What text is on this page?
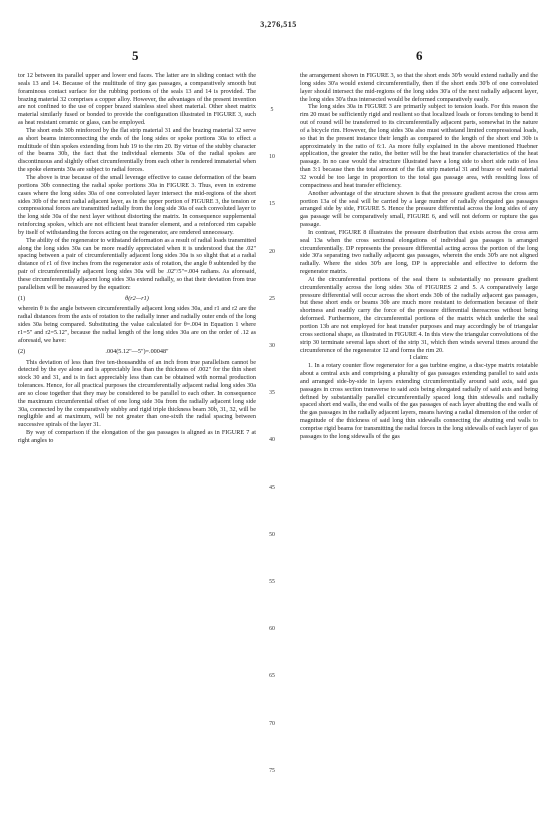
3,276,515
5	6

tor 12 between its parallel upper and lower end faces. The latter are in sliding contact with the seals 13 and 14. Because of the multitude of tiny gas passages, a comparatively smooth but foraminous contact surface for the rubbing portions of the seals 13 and 14 is provided. The brazing material 32 comprises a copper alloy. However, the advantages of the present invention are not confined to the use of copper brazed stainless steel sheet material. Other sheet matrix material similarly fused or bonded to provide the configuration illustrated in FIGURE 3, such as heat resistant ceramic or glass, can be employed.

The short ends 30b reinforced by the flat strip material 31 and the brazing material 32 serve as short beams interconnecting the ends of the long sides or spoke portions 30a to effect a multitude of thin spokes extending from hub 19 to the rim 20. By virtue of the stubby character of the beams 30b, the fact that the individual elements 30a of the radial spokes are discontinuous and slightly offset circumferentially from each other is rendered immaterial when the spoke elements 30a are subject to radial forces.

The above is true because of the small leverage effective to cause deformation of the beam portions 30b connecting the radial spoke portions 30a in FIGURE 3. Thus, even in extreme cases where the long sides 30a of one convoluted layer intersect the mid-regions of the short sides 30b of the next radial adjacent layer, as in the upper portion of FIGURE 3, the tension or compressional forces are transmitted radially from the long side 30a of each convoluted layer to the long side 30a of the next layer without distorting the matrix. In consequence supplemental reinforcing spokes, which are not efficient heat transfer element, and a reinforced rim capable by itself of withstanding the forces acting on the regenerator, are rendered unnecessary.

The ability of the regenerator to withstand deformation as a result of radial loads transmitted along the long sides 30a can be more readily appreciated when it is understood that the .02" spacing between a pair of circumferentially adjacent long sides 30a is so slight that at a radial distance of r1 of five inches from the regenerator axis of rotation, the angle θ subtended by the pair of circumferentially adjacent long sides 30a will be .02"/5"=.004 radians. As aforesaid, these circumferentially adjacent long sides 30a extend radially, so that their deviation from true parallelism will be measured by the equation:

(1)	θ(r2—r1)

wherein θ is the angle between circumferentially adjacent long sides 30a, and r1 and r2 are the radial distances from the axis of rotation to the radially inner and radially outer ends of the long sides 30a being compared. Substituting the value calculated for θ=.004 in Equation 1 where r1=5" and r2=5.12", because the radial length of the long sides 30a are on the order of .12 as aforesaid, we have:

(2)	.004(5.12"—5")=.00048"

This deviation of less than five ten-thousandths of an inch from true parallelism cannot be detected by the eye alone and is appreciably less than the thickness of .002" for the thin sheet stock 30 and 31, and is in fact appreciably less than can be obtained with normal production tolerances. Hence, for all practical purposes the circumferentially adjacent radial long sides 30a are so close together that they may be considered to be parallel to each other. In consequence the maximum circumferential offset of one long side 30a from the radially adjacent long side 30a, connected by the comparatively stubby and rigid triple thickness beam 30b, 31, 32, will be negligible and at maximum, will be not greater than one-sixth the radial spacing between successive spirals of the layer 31.

By way of comparison if the elongation of the gas passages is aligned as in FIGURE 7 at right angles to

the arrangement shown in FIGURE 3, so that the short ends 30'b would extend radially and the long sides 30'a would extend circumferentially, then if the short ends 30'b of one convoluted layer should intersect the mid-regions of the long sides 30'a of the next radially adjacent layer, the long sides 30'a thus intersected would be deformed comparatively easily.

The long sides 30a in FIGURE 3 are primarily subject to tension loads. For this reason the rim 20 must be sufficiently rigid and resilient so that localized loads or forces tending to bend it out of round will be transferred to its circumferentially adjacent parts, somewhat in the nature of a bicycle rim. However, the long sides 30a also must withstand limited compressional loads, so that in the present instance their length as compared to the length of the short end 30b is approximately in the ratio of 6:1. As more fully explained in the above mentioned Huebner application, the greater the ratio, the better will be the heat transfer characteristics of the heat passage. In no case would the structure illustrated have a long side to short side ratio of less than 3:1 because then the total amount of the flat strip material 31 and braze or weld material 32 would be too large in proportion to the total gas passage area, with resulting loss of compactness and heat transfer efficiency.

Another advantage of the structure shown is that the pressure gradient across the cross arm portion 13a of the seal will be carried by a large number of radially elongated gas passages arranged side by side, FIGURE 5. Hence the pressure differential across the long sides of any gas passage will be comparatively small, FIGURE 6, and will not deform or rupture the gas passage.

In contrast, FIGURE 8 illustrates the pressure distribution that exists across the cross arm seal 13a when the cross sectional elongations of individual gas passages is arranged circumferentially. DP represents the pressure differential acting across the portion of the long side 30'a separating two radially adjacent gas passages, wherein the ends 30'b are not aligned radially. Where the sides 30'b are long, DP is appreciable and effective to deform the regenerator matrix.

At the circumferential portions of the seal there is substantially no pressure gradient circumferentially across the long sides 30a of FIGURES 2 and 5. A comparatively large pressure differential will occur across the short ends 30b of the radially adjacent gas passages, but these short ends or beams 30b are much more resistant to deformation because of their shortness and readily carry the force of the pressure differential thereacross without being deformed. Furthermore, the circumferential portions of the matrix which underlie the seal portion 13b are not employed for heat transfer purposes and may accordingly be of triangular cross sectional shape, as illustrated in FIGURE 4. In this view the triangular convolutions of the strip 30 terminate several laps short of the strip 31, which then winds several times around the circumference of the regenerator 12 and forms the rim 20.

I claim:

1. In a rotary counter flow regenerator for a gas turbine engine, a disc-type matrix rotatable about a central axis and comprising a plurality of gas passages extending parallel to said axis and arranged side-by-side in layers extending circumferentially around said axis, said gas passages in cross section transverse to said axis being elongated radially of said axis and being defined by substantially parallel circumferentially spaced long thin sidewalls and radially spaced short end walls, the end walls of the gas passages of each layer abutting the end walls of the gas passages in the radially adjacent layers, means having a radial dimension of the order of magnitude of the thickness of said long thin sidewalls connecting the abutting end walls to comprise rigid beams for transmitting the radial forces in the long sidewalls of each layer of gas passages to the long sidewalls of the gas

5
10
15
20
25
30
35
40
45
50
55
60
65
70
75
